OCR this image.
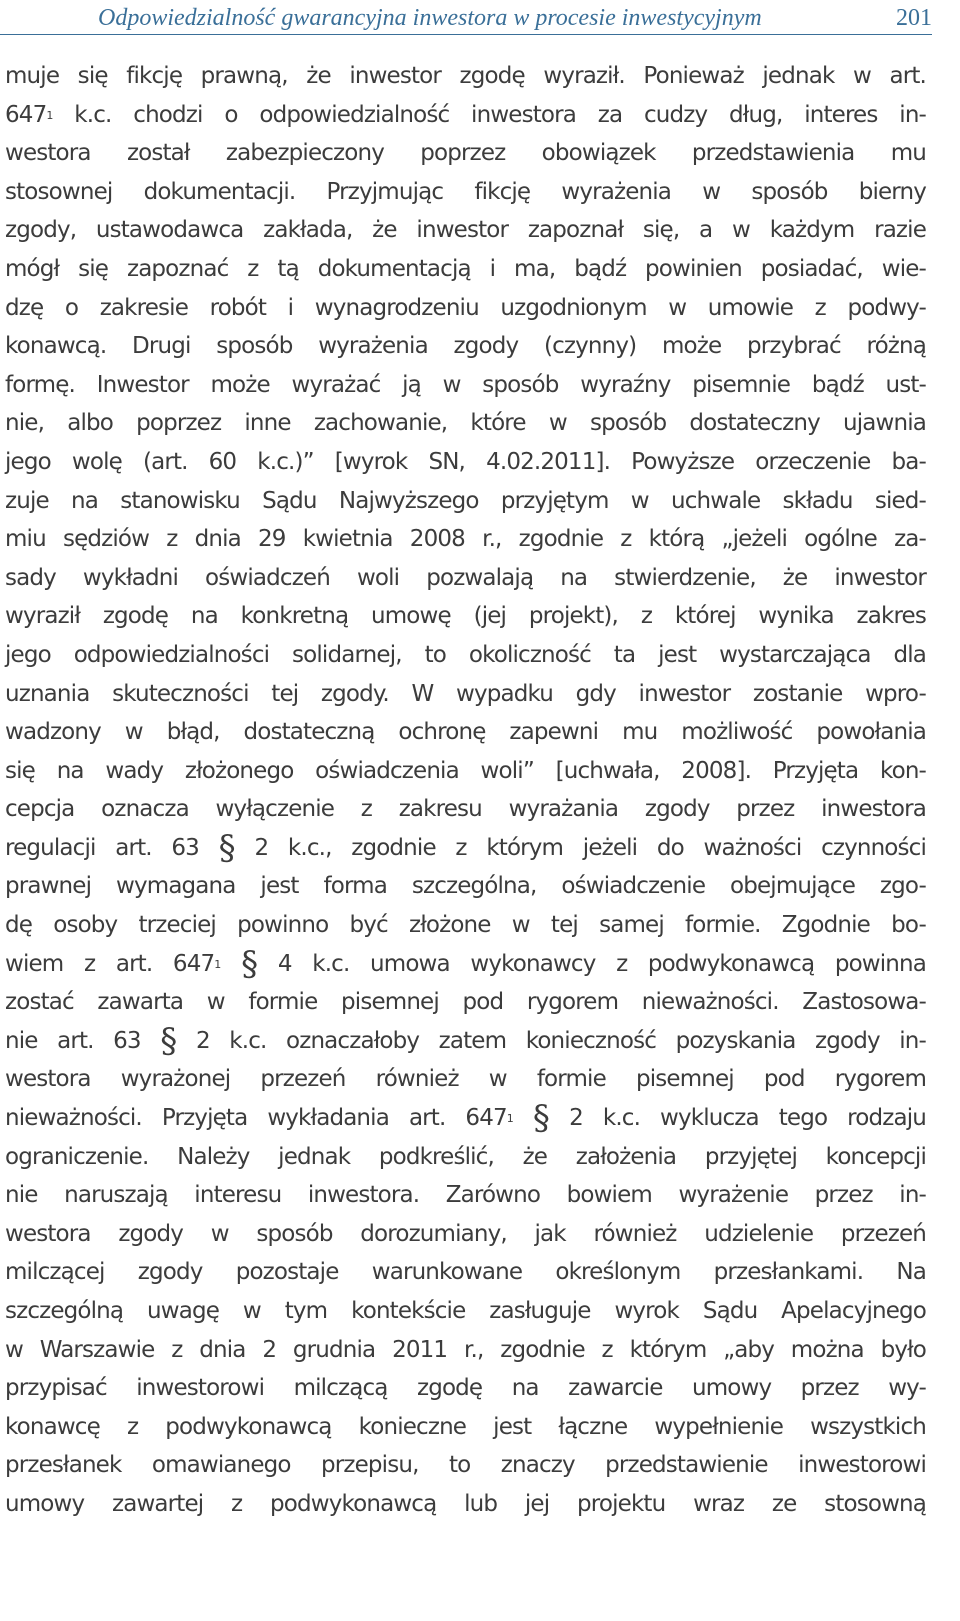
Odpowiedzialność gwarancyjna inwestora w procesie inwestycyjnym	201
muje się fikcję prawną, że inwestor zgodę wyraził. Ponieważ jednak w art.
$647^1$ k.c. chodzi o odpowiedzialność inwestora za cudzy dług, interes in-
westora został zabezpieczony poprzez obowiązek przedstawienia mu
stosownej dokumentacji. Przyjmując fikcję wyrażenia w sposób bierny
zgody, ustawodawca zakłada, że inwestor zapoznał się, a w każdym razie
mógł się zapoznać z tą dokumentacją i ma, bądź powinien posiadać, wie-
dzę o zakresie robót i wynagrodzeniu uzgodnionym w umowie z podwy-
konawcą. Drugi sposób wyrażenia zgody (czynny) może przybrać różną
formę. Inwestor może wyrażać ją w sposób wyraźny pisemnie bądź ust-
nie, albo poprzez inne zachowanie, które w sposób dostateczny ujawnia
jego wolę (art. 60 k.c.)” [wyrok SN, 4.02.2011]. Powyższe orzeczenie ba-
zuje na stanowisku Sądu Najwyższego przyjętym w uchwale składu sied-
miu sędziów z dnia 29 kwietnia 2008 r., zgodnie z którą „jeżeli ogólne za-
sady wykładni oświadczeń woli pozwalają na stwierdzenie, że inwestor
wyraził zgodę na konkretną umowę (jej projekt), z której wynika zakres
jego odpowiedzialności solidarnej, to okoliczność ta jest wystarczająca dla
uznania skuteczności tej zgody. W wypadku gdy inwestor zostanie wpro-
wadzony w błąd, dostateczną ochronę zapewni mu możliwość powołania
się na wady złożonego oświadczenia woli” [uchwała, 2008]. Przyjęta kon-
cepcja oznacza wyłączenie z zakresu wyrażania zgody przez inwestora
regulacji art. 63 § 2 k.c., zgodnie z którym jeżeli do ważności czynności
prawnej wymagana jest forma szczególna, oświadczenie obejmujące zgo-
dę osoby trzeciej powinno być złożone w tej samej formie. Zgodnie bo-
wiem z art. $647^1$ § 4 k.c. umowa wykonawcy z podwykonawcą powinna
zostać zawarta w formie pisemnej pod rygorem nieważności. Zastosowa-
nie art. 63 § 2 k.c. oznaczałoby zatem konieczność pozyskania zgody in-
westora wyrażonej przezeń również w formie pisemnej pod rygorem
nieważności. Przyjęta wykładania art. $647^1$ § 2 k.c. wyklucza tego rodzaju
ograniczenie. Należy jednak podkreślić, że założenia przyjętej koncepcji
nie naruszają interesu inwestora. Zarówno bowiem wyrażenie przez in-
westora zgody w sposób dorozumiany, jak również udzielenie przezeń
milczącej zgody pozostaje warunkowane określonym przesłankami. Na
szczególną uwagę w tym kontekście zasługuje wyrok Sądu Apelacyjnego
w Warszawie z dnia 2 grudnia 2011 r., zgodnie z którym „aby można było
przypisać inwestorowi milczącą zgodę na zawarcie umowy przez wy-
konawcę z podwykonawcą konieczne jest łączne wypełnienie wszystkich
przesłanek omawianego przepisu, to znaczy przedstawienie inwestorowi
umowy zawartej z podwykonawcą lub jej projektu wraz ze stosowną
